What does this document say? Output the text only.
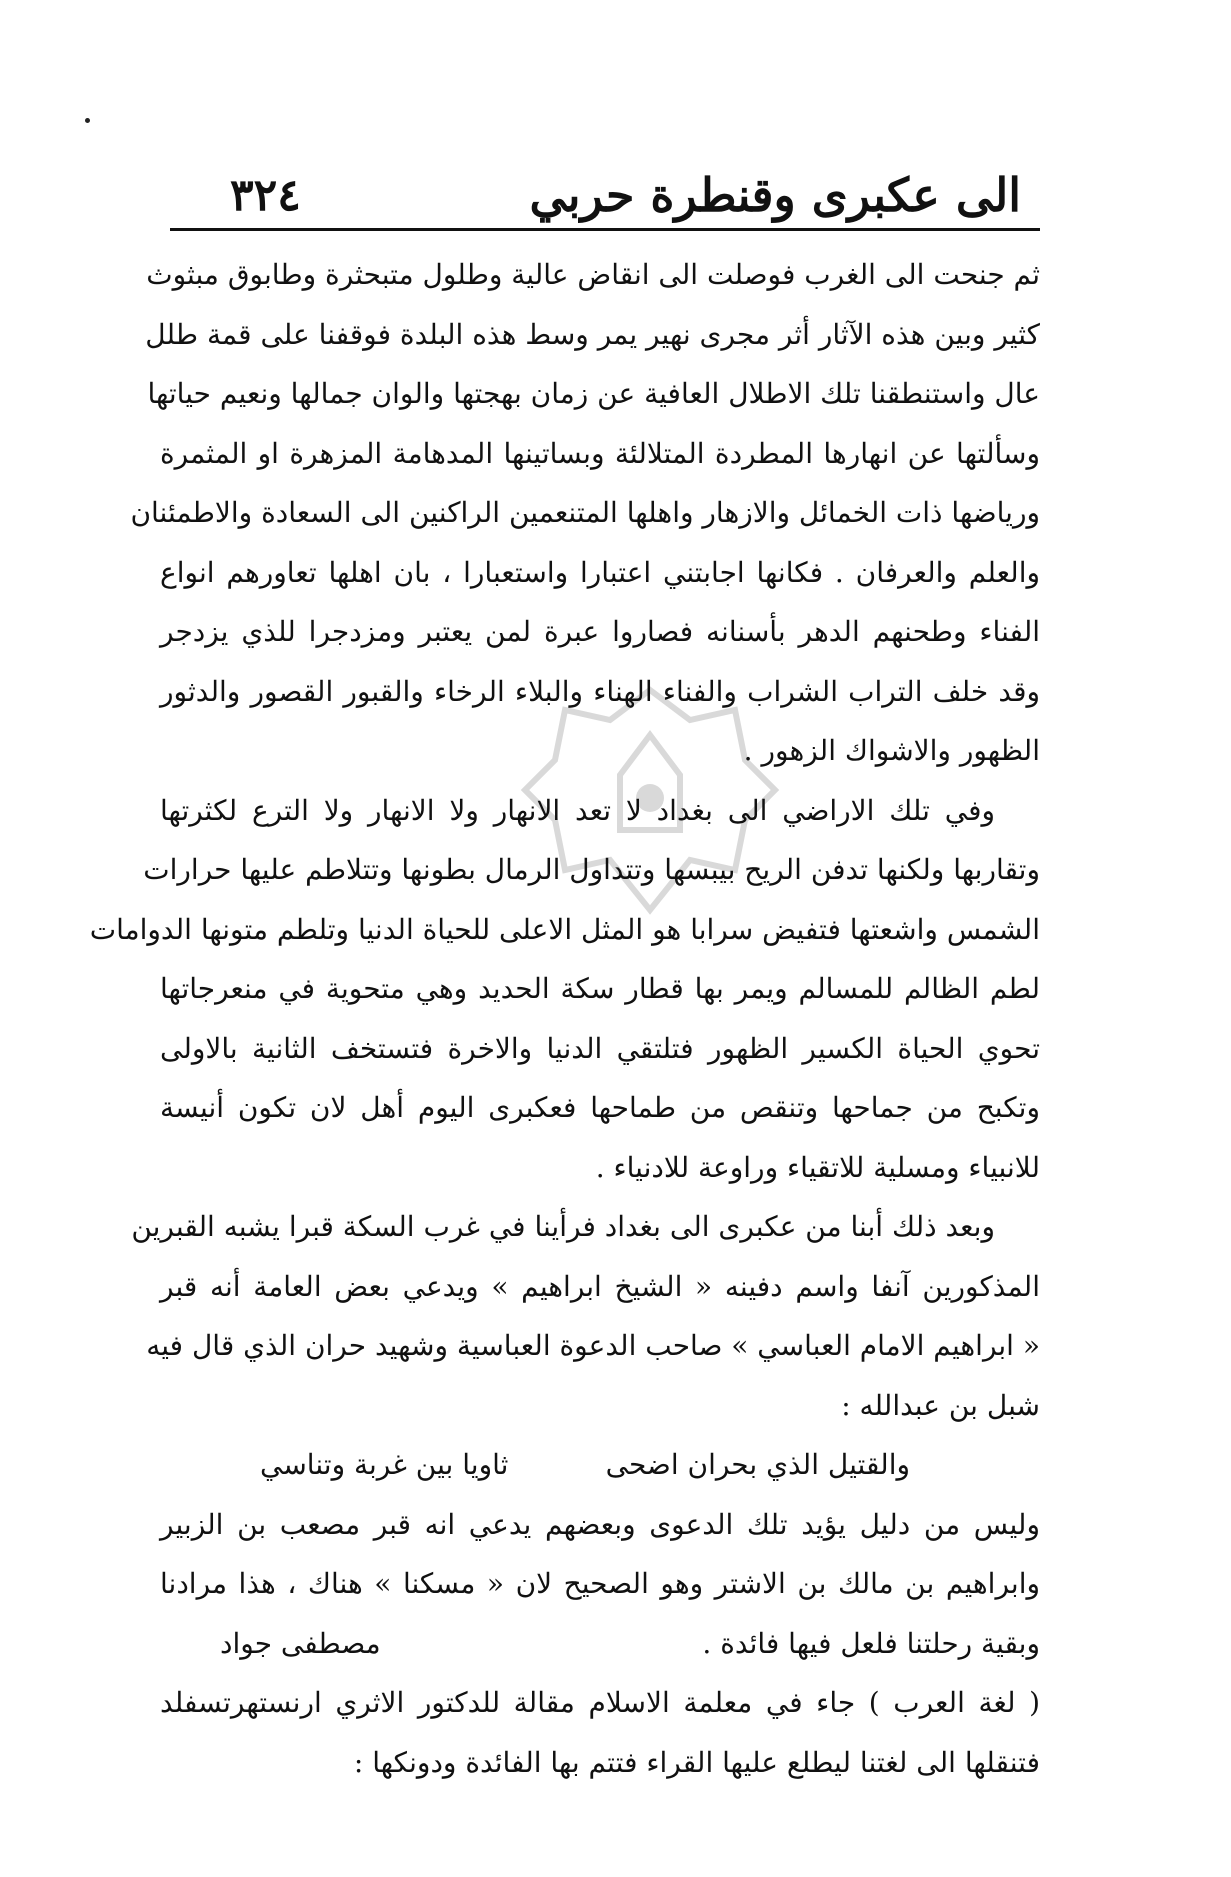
الى عكبرى وقنطرة حربي
٣٢٤

ثم جنحت الى الغرب فوصلت الى انقاض عالية وطلول متبحثرة وطابوق مبثوث
كثير وبين هذه الآثار أثر مجرى نهير يمر وسط هذه البلدة فوقفنا على قمة طلل
عال واستنطقنا تلك الاطلال العافية عن زمان بهجتها والوان جمالها ونعيم حياتها
وسألتها عن انهارها المطردة المتلالئة وبساتينها المدهامة المزهرة او المثمرة
ورياضها ذات الخمائل والازهار واهلها المتنعمين الراكنين الى السعادة والاطمئنان
والعلم والعرفان . فكانها اجابتني اعتبارا واستعبارا ، بان اهلها تعاورهم انواع
الفناء وطحنهم الدهر بأسنانه فصاروا عبرة لمن يعتبر ومزدجرا للذي يزدجر
وقد خلف التراب الشراب والفناء الهناء والبلاء الرخاء والقبور القصور والدثور
الظهور والاشواك الزهور .

وفي تلك الاراضي الى بغداد لا تعد الانهار ولا الانهار ولا الترع لكثرتها
وتقاربها ولكنها تدفن الريح بيبسها وتتداول الرمال بطونها وتتلاطم عليها حرارات
الشمس واشعتها فتفيض سرابا هو المثل الاعلى للحياة الدنيا وتلطم متونها الدوامات
لطم الظالم للمسالم ويمر بها قطار سكة الحديد وهي متحوية في منعرجاتها
تحوي الحياة الكسير الظهور فتلتقي الدنيا والاخرة فتستخف الثانية بالاولى
وتكبح من جماحها وتنقص من طماحها فعكبرى اليوم أهل لان تكون أنيسة
للانبياء ومسلية للاتقياء وراوعة للادنياء .

وبعد ذلك أبنا من عكبرى الى بغداد فرأينا في غرب السكة قبرا يشبه القبرين
المذكورين آنفا واسم دفينه « الشيخ ابراهيم » ويدعي بعض العامة أنه قبر
« ابراهيم الامام العباسي » صاحب الدعوة العباسية وشهيد حران الذي قال فيه
شبل بن عبدالله :

والقتيل الذي بحران اضحى
ثاويا بين غربة وتناسي

وليس من دليل يؤيد تلك الدعوى وبعضهم يدعي انه قبر مصعب بن الزبير
وابراهيم بن مالك بن الاشتر وهو الصحيح لان « مسكنا » هناك ، هذا مرادنا
وبقية رحلتنا فلعل فيها فائدة .
مصطفى جواد

( لغة العرب ) جاء في معلمة الاسلام مقالة للدكتور الاثري ارنستهرتسفلد
فتنقلها الى لغتنا ليطلع عليها القراء فتتم بها الفائدة ودونكها :
